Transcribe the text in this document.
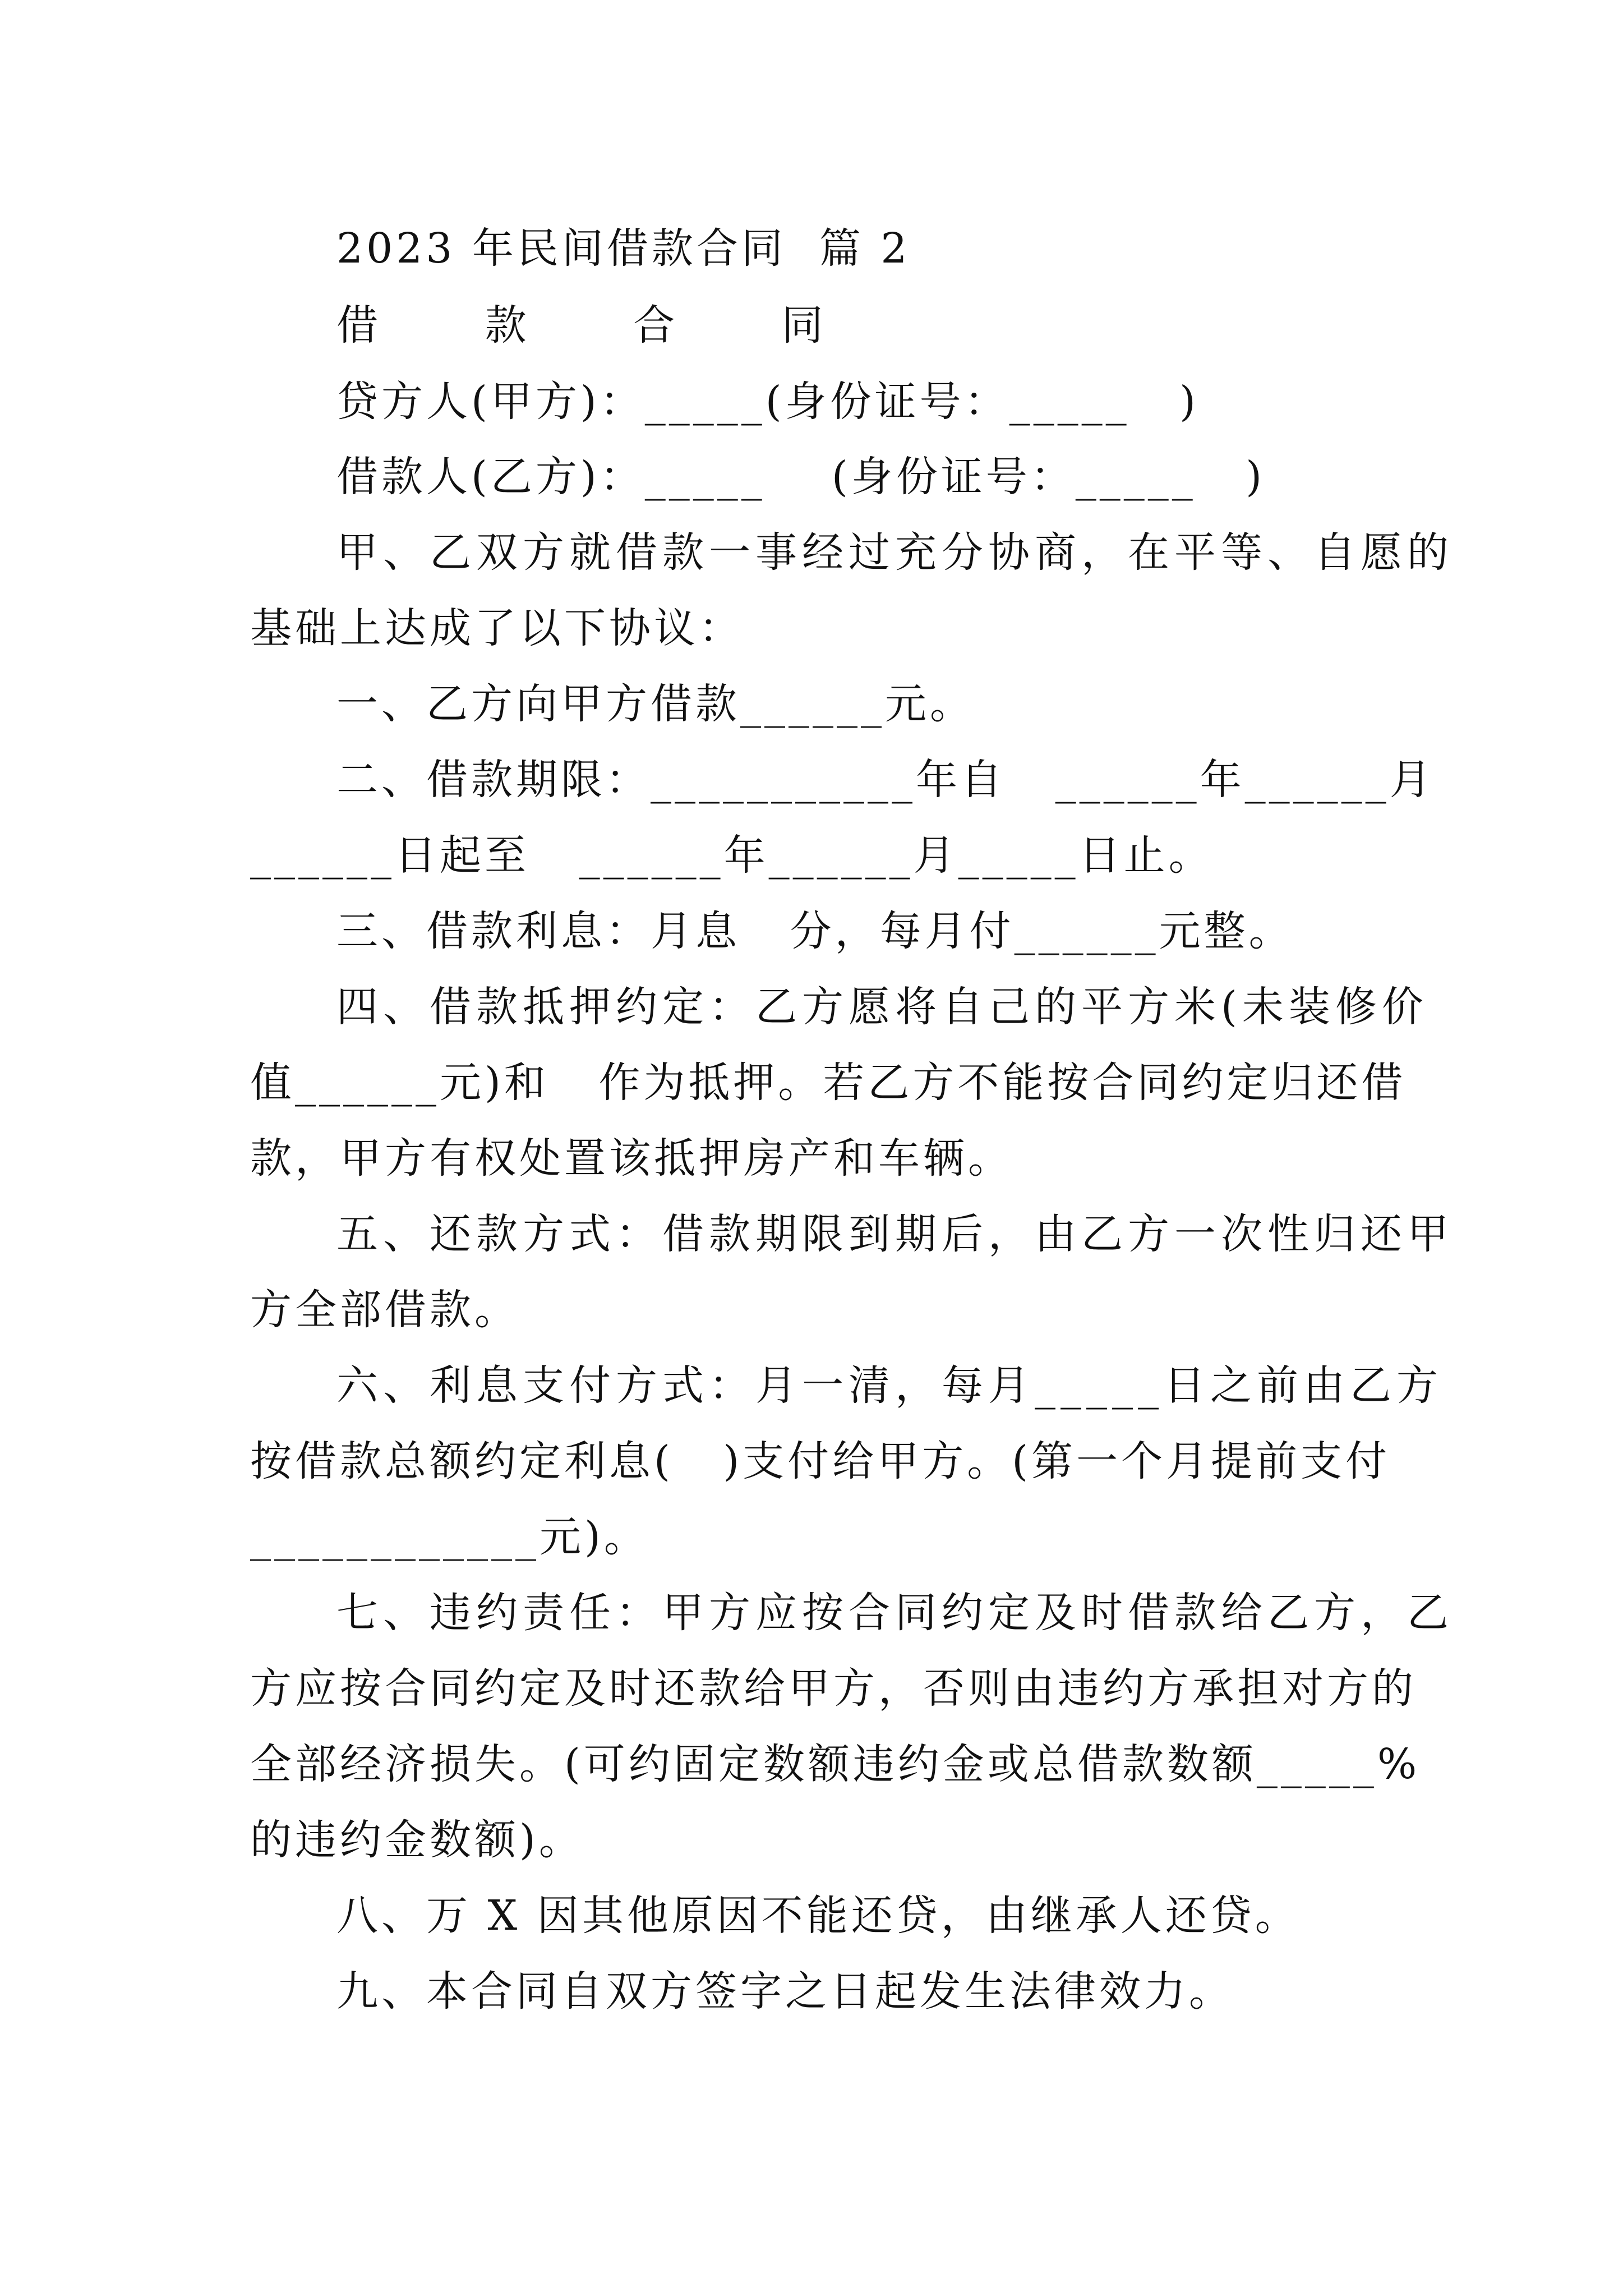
2023 年民间借款合同  篇 2
借   款   合   同
贷方人(甲方)：_____(身份证号：_____   )
借款人(乙方)：_____    (身份证号：_____   )
甲、乙双方就借款一事经过充分协商，在平等、自愿的
基础上达成了以下协议：
一、乙方向甲方借款______元。
二、借款期限：___________年自   ______年______月
______日起至   ______年______月_____日止。
三、借款利息：月息   分，每月付______元整。
四、借款抵押约定：乙方愿将自己的平方米(未装修价
值______元)和   作为抵押。若乙方不能按合同约定归还借
款，甲方有权处置该抵押房产和车辆。
五、还款方式：借款期限到期后，由乙方一次性归还甲
方全部借款。
六、利息支付方式：月一清，每月_____日之前由乙方
按借款总额约定利息(   )支付给甲方。(第一个月提前支付
____________元)。
七、违约责任：甲方应按合同约定及时借款给乙方，乙
方应按合同约定及时还款给甲方，否则由违约方承担对方的
全部经济损失。(可约固定数额违约金或总借款数额_____%
的违约金数额)。
八、万 X 因其他原因不能还贷，由继承人还贷。
九、本合同自双方签字之日起发生法律效力。
